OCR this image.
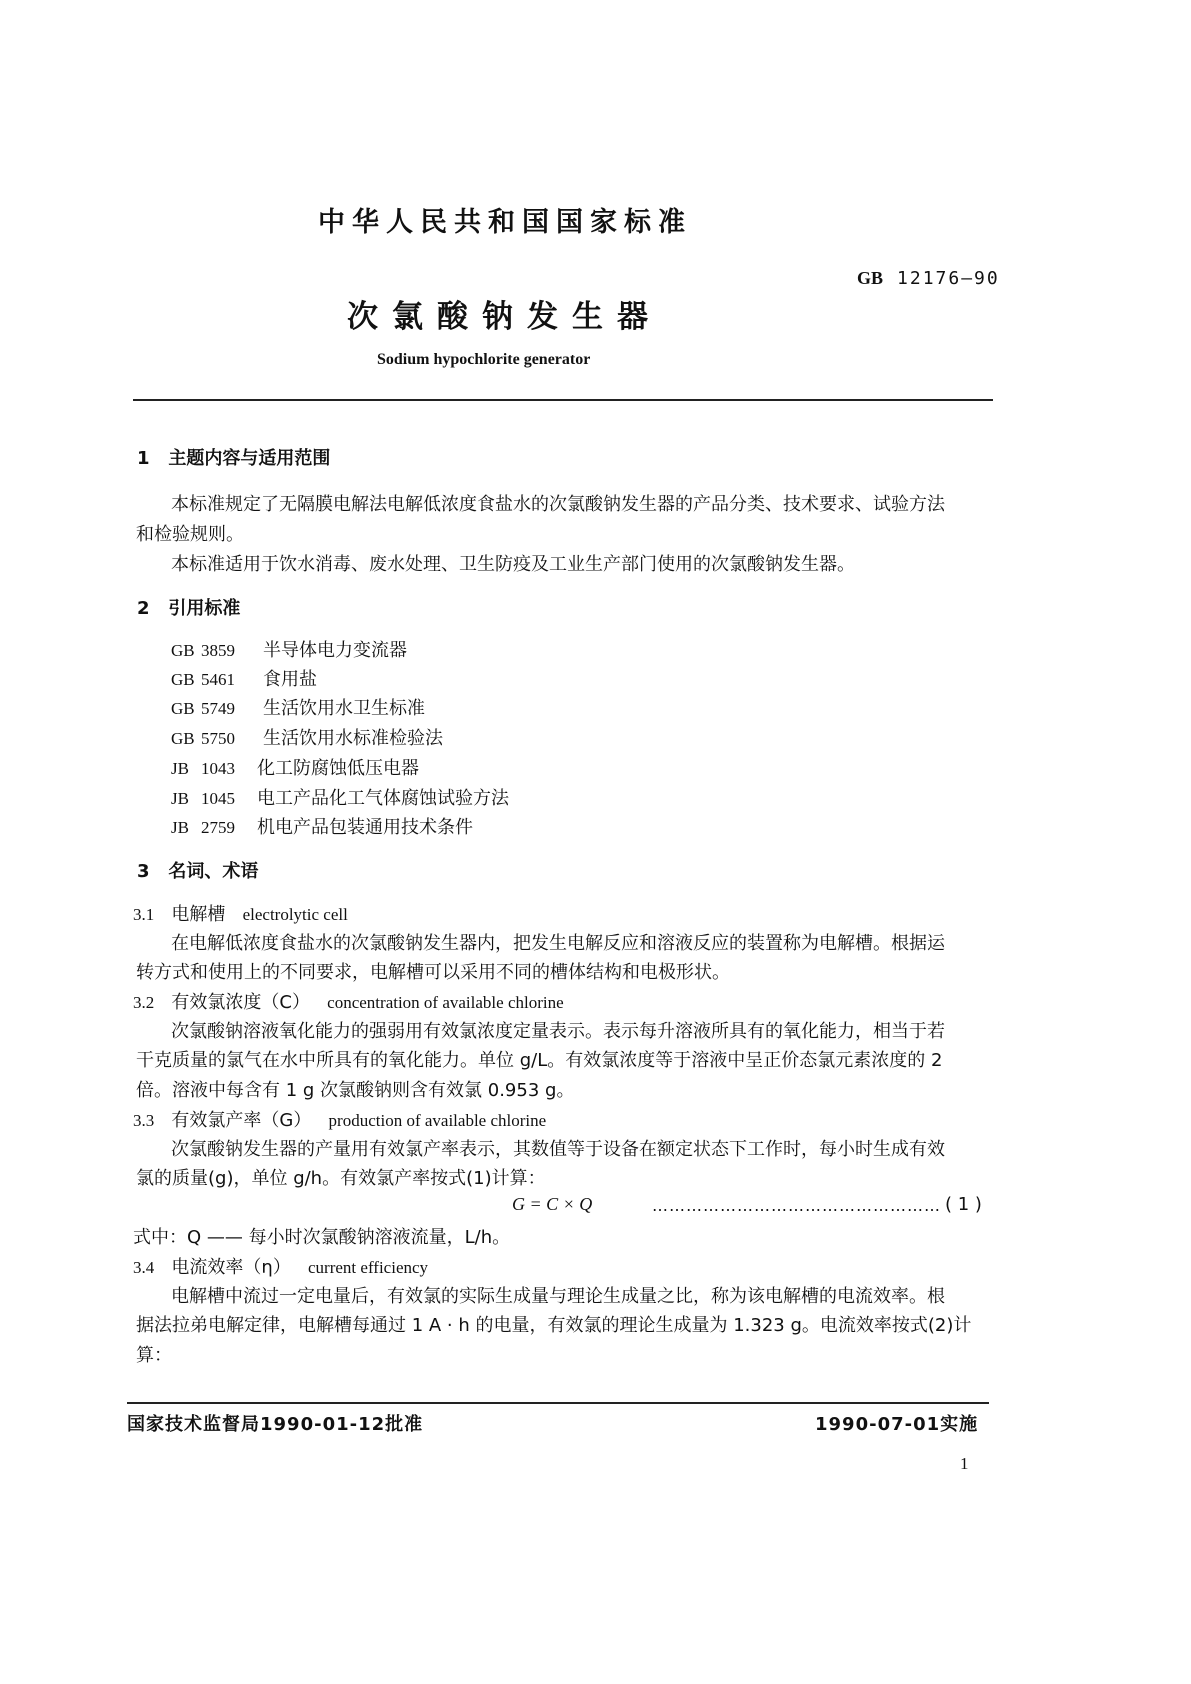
中华人民共和国国家标准
GB 12176—90
次氯酸钠发生器
Sodium hypochlorite generator
1 主题内容与适用范围
本标准规定了无隔膜电解法电解低浓度食盐水的次氯酸钠发生器的产品分类、技术要求、试验方法
和检验规则。
本标准适用于饮水消毒、废水处理、卫生防疫及工业生产部门使用的次氯酸钠发生器。
2 引用标准
GB 3859 半导体电力变流器
GB 5461 食用盐
GB 5749 生活饮用水卫生标准
GB 5750 生活饮用水标准检验法
JB 1043 化工防腐蚀低压电器
JB 1045 电工产品化工气体腐蚀试验方法
JB 2759 机电产品包装通用技术条件
3 名词、术语
3.1 电解槽 electrolytic cell
在电解低浓度食盐水的次氯酸钠发生器内，把发生电解反应和溶液反应的装置称为电解槽。根据运
转方式和使用上的不同要求，电解槽可以采用不同的槽体结构和电极形状。
3.2 有效氯浓度（C） concentration of available chlorine
次氯酸钠溶液氧化能力的强弱用有效氯浓度定量表示。表示每升溶液所具有的氧化能力，相当于若
干克质量的氯气在水中所具有的氧化能力。单位 g/L。有效氯浓度等于溶液中呈正价态氯元素浓度的 2
倍。溶液中每含有 1 g 次氯酸钠则含有效氯 0.953 g。
3.3 有效氯产率（G） production of available chlorine
次氯酸钠发生器的产量用有效氯产率表示，其数值等于设备在额定状态下工作时，每小时生成有效
氯的质量(g)，单位 g/h。有效氯产率按式(1)计算：
G = C × Q	…………………………………………… ( 1 )
式中：Q —— 每小时次氯酸钠溶液流量，L/h。
3.4 电流效率（η） current efficiency
电解槽中流过一定电量后，有效氯的实际生成量与理论生成量之比，称为该电解槽的电流效率。根
据法拉弟电解定律，电解槽每通过 1 A · h 的电量，有效氯的理论生成量为 1.323 g。电流效率按式(2)计
算：
国家技术监督局1990-01-12批准	1990-07-01实施
1
